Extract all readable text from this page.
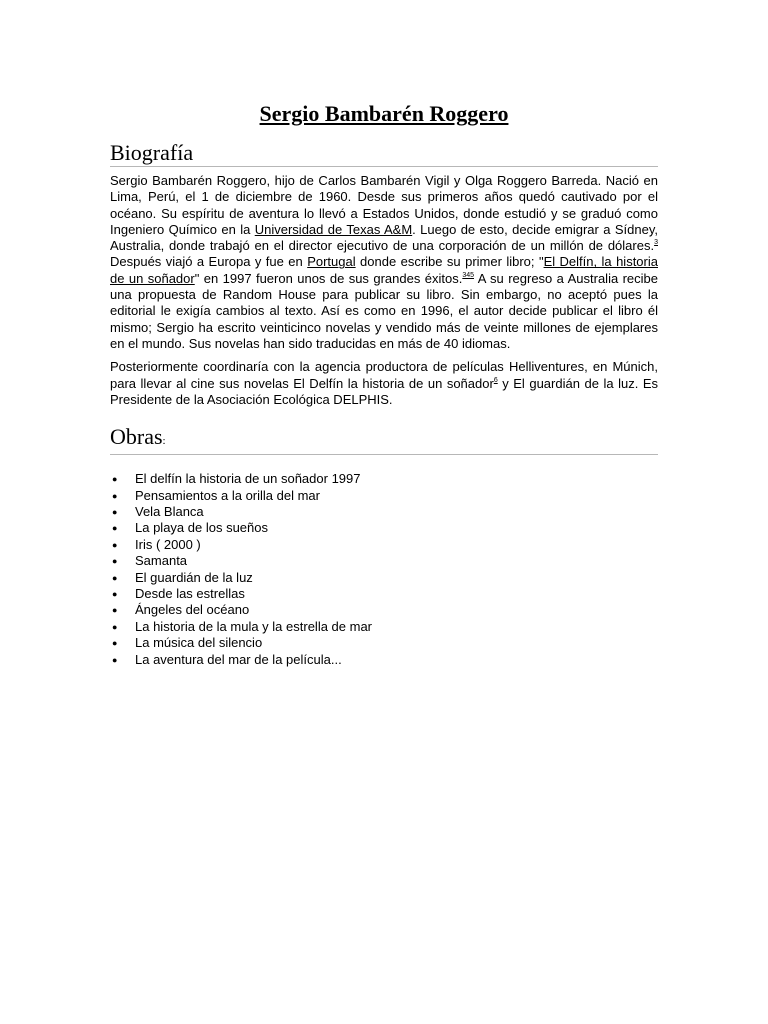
Sergio Bambarén Roggero
Biografía

Sergio Bambarén Roggero, hijo de Carlos Bambarén Vigil y Olga Roggero Barreda. Nació en Lima, Perú, el 1 de diciembre de 1960. Desde sus primeros años quedó cautivado por el océano. Su espíritu de aventura lo llevó a Estados Unidos, donde estudió y se graduó como Ingeniero Químico en la Universidad de Texas A&M. Luego de esto, decide emigrar a Sídney, Australia, donde trabajó en el director ejecutivo de una corporación de un millón de dólares.$^3$ Después viajó a Europa y fue en Portugal donde escribe su primer libro; "El Delfín, la historia de un soñador" en 1997 fueron unos de sus grandes éxitos.$^{345}$ A su regreso a Australia recibe una propuesta de Random House para publicar su libro. Sin embargo, no aceptó pues la editorial le exigía cambios al texto. Así es como en 1996, el autor decide publicar el libro él mismo; Sergio ha escrito veinticinco novelas y vendido más de veinte millones de ejemplares en el mundo. Sus novelas han sido traducidas en más de 40 idiomas.

Posteriormente coordinaría con la agencia productora de películas Helliventures, en Múnich, para llevar al cine sus novelas El Delfín la historia de un soñador$^6$ y El guardián de la luz. Es Presidente de la Asociación Ecológica DELPHIS.

Obras:
● El delfín la historia de un soñador 1997
● Pensamientos a la orilla del mar
● Vela Blanca
● La playa de los sueños
● Iris ( 2000 )
● Samanta
● El guardián de la luz
● Desde las estrellas
● Ángeles del océano
● La historia de la mula y la estrella de mar
● La música del silencio
● La aventura del mar de la película...
